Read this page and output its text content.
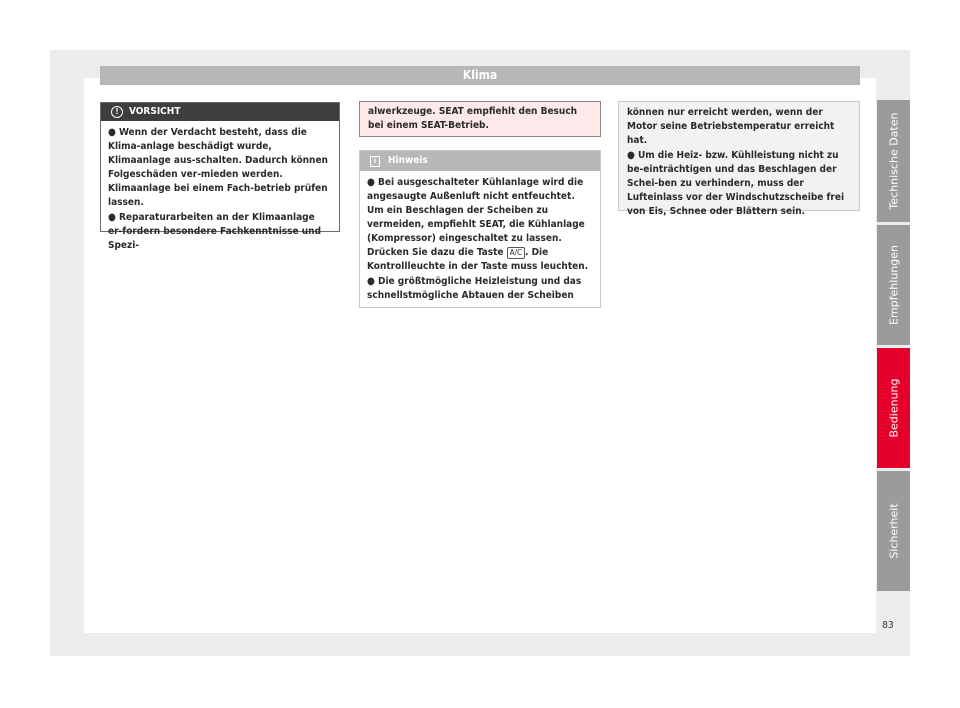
Klima
!	VORSICHT

● Wenn der Verdacht besteht, dass die Klima-anlage beschädigt wurde, Klimaanlage aus-schalten. Dadurch können Folgeschäden ver-mieden werden. Klimaanlage bei einem Fach-betrieb prüfen lassen.

● Reparaturarbeiten an der Klimaanlage er-fordern besondere Fachkenntnisse und Spezi-

alwerkzeuge. SEAT empfiehlt den Besuch bei einem SEAT-Betrieb.
i	Hinweis

● Bei ausgeschalteter Kühlanlage wird die angesaugte Außenluft nicht entfeuchtet. Um ein Beschlagen der Scheiben zu vermeiden, empfiehlt SEAT, die Kühlanlage (Kompressor) eingeschaltet zu lassen. Drücken Sie dazu die Taste A/C . Die Kontrollleuchte in der Taste muss leuchten.

● Die größtmögliche Heizleistung und das schnellstmögliche Abtauen der Scheiben

können nur erreicht werden, wenn der Motor seine Betriebstemperatur erreicht hat.

● Um die Heiz- bzw. Kühlleistung nicht zu be-einträchtigen und das Beschlagen der Schei-ben zu verhindern, muss der Lufteinlass vor der Windschutzscheibe frei von Eis, Schnee oder Blättern sein.

Technische Daten
Empfehlungen
Bedienung
Sicherheit
83
